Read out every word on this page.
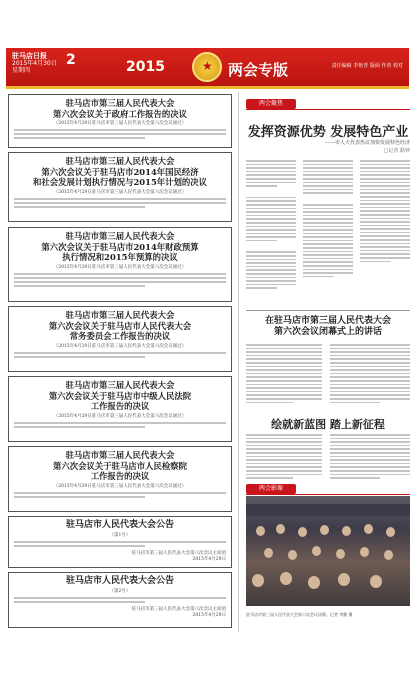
驻马店日报
2015年4月30日
星期四
2	2015	★ 两会专版	责任编辑 李艳青 版面 作者 校对
驻马店市第三届人民代表大会
第六次会议关于政府工作报告的决议
（2015年4月29日驻马店市第三届人民代表大会第六次会议通过）
驻马店市第三届人民代表大会
第六次会议关于驻马店市2014年国民经济
和社会发展计划执行情况与2015年计划的决议
（2015年4月29日驻马店市第三届人民代表大会第六次会议通过）
驻马店市第三届人民代表大会
第六次会议关于驻马店市2014年财政预算
执行情况和2015年预算的决议
（2015年4月29日驻马店市第三届人民代表大会第六次会议通过）
驻马店市第三届人民代表大会
第六次会议关于驻马店市人民代表大会
常务委员会工作报告的决议
（2015年4月29日驻马店市第三届人民代表大会第六次会议通过）
驻马店市第三届人民代表大会
第六次会议关于驻马店市中级人民法院
工作报告的决议
（2015年4月29日驻马店市第三届人民代表大会第六次会议通过）
驻马店市第三届人民代表大会
第六次会议关于驻马店市人民检察院
工作报告的决议
（2015年4月29日驻马店市第三届人民代表大会第六次会议通过）
驻马店市人民代表大会公告
（第1号）
驻马店市第三届人民代表大会第六次会议主席团
2015年4月29日
驻马店市人民代表大会公告
（第2号）
驻马店市第三届人民代表大会第六次会议主席团
2015年4月29日
两会聚焦
发挥资源优势 发展特色产业
——市人大代表热议加快发展特色经济
□记者 路钟
在驻马店市第三届人民代表大会
第六次会议闭幕式上的讲话
绘就新蓝图 踏上新征程
两会影像
驻马店市第三届人民代表大会第六次会议闭幕。记者 李勤 摄
